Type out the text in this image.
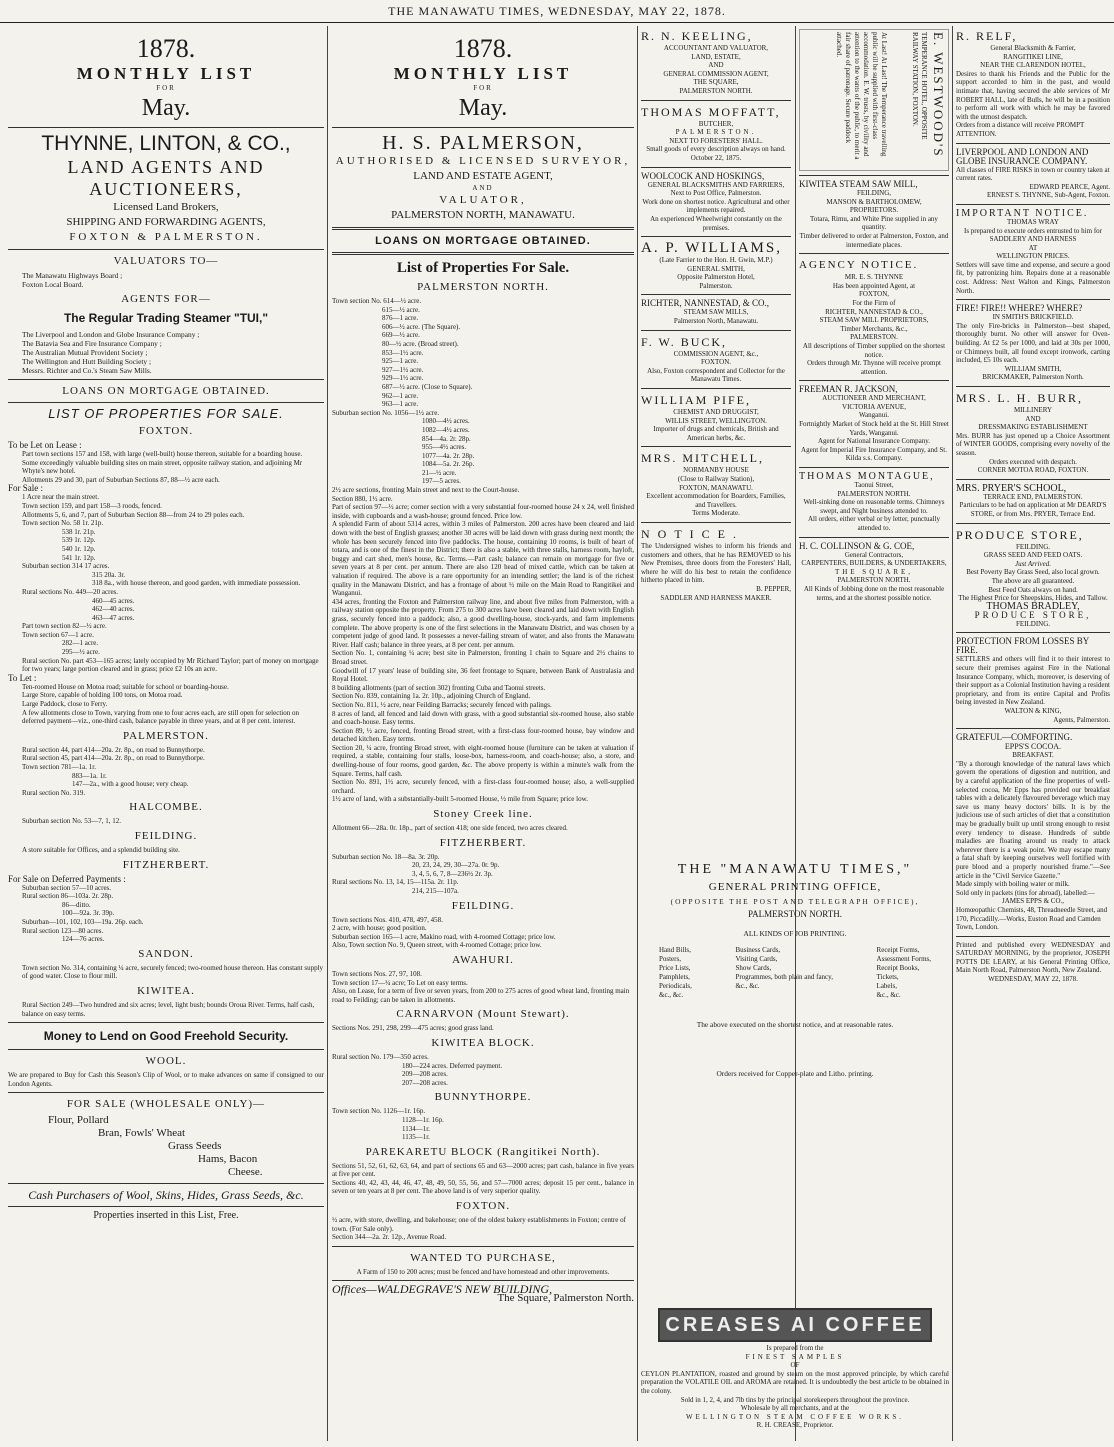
THE MANAWATU TIMES, WEDNESDAY, MAY 22, 1878.
1878.
MONTHLY LIST
FOR
May.
THYNNE, LINTON, & CO.,
LAND AGENTS AND AUCTIONEERS,
Licensed Land Brokers,
SHIPPING AND FORWARDING AGENTS,
FOXTON & PALMERSTON.
VALUATORS TO—
The Manawatu Highways Board ;
Foxton Local Board.
AGENTS FOR—
The Regular Trading Steamer "TUI,"
The Liverpool and London and Globe Insurance Company ;
The Batavia Sea and Fire Insurance Company ;
The Australian Mutual Provident Society ;
The Wellington and Hutt Building Society ;
Messrs. Richter and Co.'s Steam Saw Mills.
LOANS ON MORTGAGE OBTAINED.
LIST OF PROPERTIES FOR SALE.
FOXTON.
To be Let on Lease :
Part town sections 157 and 158, with large (well-built) house thereon, suitable for a boarding house.
Some exceedingly valuable building sites on main street, opposite railway station, and adjoining Mr Whyte's new hotel.
Allotments 29 and 30, part of Suburban Sections 87, 88—½ acre each.
For Sale :
1 Acre near the main street.
Town section 159, and part 158—3 roods, fenced.
Allotments 5, 6, and 7, part of Suburban Section 88—from 24 to 29 poles each.
Town section No. 58 1r. 21p.
538 1r. 21p.
539 1r. 12p.
540 1r. 12p.
541 1r. 12p.
Suburban section 314 17 acres.
315 20a. 3r.
318 8a., with house thereon, and good garden, with immediate possession.
Rural sections No. 449—20 acres.
460—45 acres.
462—40 acres.
463—47 acres.
Part town section 82—½ acre.
Town section 67—1 acre.
282—1 acre.
295—½ acre.
Rural section No. part 453—165 acres; lately occupied by Mr Richard Taylor; part of money on mortgage for two years; large portion cleared and in grass; price £2 10s an acre.
To Let :
Ten-roomed House on Motoa road; suitable for school or boarding-house.
Large Store, capable of holding 100 tons, on Motoa road.
Large Paddock, close to Ferry.
A few allotments close to Town, varying from one to four acres each, are still open for selection on deferred payment—viz., one-third cash, balance payable in three years, and at 8 per cent. interest.
PALMERSTON.
Rural section 44, part 414—20a. 2r. 8p., on road to Bunnythorpe.
Rural section 45, part 414—20a. 2r. 8p., on road to Bunnythorpe.
Town section 781—1a. 1r.
883—1a. 1r.
147—2a., with a good house; very cheap.
Rural section No. 319.
HALCOMBE.
Suburban section No. 53—7, 1, 12.
FEILDING.
A store suitable for Offices, and a splendid building site.
FITZHERBERT.
For Sale on Deferred Payments :
Suburban section 57—10 acres.
Rural section 86—103a. 2r. 28p.
86—ditto.
100—92a. 3r. 39p.
Suburban—101, 102, 103—19a. 26p. each.
Rural section 123—80 acres.
124—76 acres.
SANDON.
Town section No. 314, containing ¼ acre, securely fenced; two-roomed house thereon. Has constant supply of good water. Close to flour mill.
KIWITEA.
Rural Section 249—Two hundred and six acres; level, light bush; bounds Oroua River. Terms, half cash, balance on easy terms.
Money to Lend on Good Freehold Security.
WOOL.
We are prepared to Buy for Cash this Season's Clip of Wool, or to make advances on same if consigned to our London Agents.
FOR SALE (WHOLESALE ONLY)—
Flour, Pollard
Bran, Fowls' Wheat
Grass Seeds
Hams, Bacon
Cheese.
Cash Purchasers of Wool, Skins, Hides, Grass Seeds, &c.
Properties inserted in this List, Free.
1878.
MONTHLY LIST
FOR
May.
H. S. PALMERSON,
AUTHORISED & LICENSED SURVEYOR,
LAND AND ESTATE AGENT,
AND
VALUATOR,
PALMERSTON NORTH, MANAWATU.
LOANS ON MORTGAGE OBTAINED.
List of Properties For Sale.
PALMERSTON NORTH.
Town section No. 614—½ acre.
615—½ acre.
876—1 acre.
606—½ acre. (The Square).
669—½ acre.
80—½ acre. (Broad street).
853—1½ acre.
925—1 acre.
927—1½ acre.
929—1½ acre.
687—½ acre. (Close to Square).
962—1 acre.
963—1 acre.
Suburban section No. 1056—1½ acre.
1080—4½ acres.
1082—4½ acres.
854—4a. 2r. 28p.
955—4½ acres.
1077—4a. 2r. 28p.
1084—5a. 2r. 26p.
21—½ acre.
197—5 acres.
2½ acre sections, fronting Main street and next to the Court-house.
Section 880, 1½ acre.
Part of section 97—½ acre; corner section with a very substantial four-roomed house 24 x 24, well finished inside, with cupboards and a wash-house; ground fenced. Price low.
A splendid Farm of about 5314 acres, within 3 miles of Palmerston. 200 acres have been cleared and laid down with the best of English grasses; another 30 acres will be laid down with grass during next month; the whole has been securely fenced into five paddocks. The house, containing 10 rooms, is built of heart of totara, and is one of the finest in the District; there is also a stable, with three stalls, harness room, hayloft, buggy and cart shed, men's house, &c. Terms.—Part cash; balance can remain on mortgage for five or seven years at 8 per cent. per annum. There are also 120 head of mixed cattle, which can be taken at valuation if required. The above is a rare opportunity for an intending settler; the land is of the richest quality in the Manawatu District, and has a frontage of about ½ mile on the Main Road to Rangitikei and Wanganui.
434 acres, fronting the Foxton and Palmerston railway line, and about five miles from Palmerston, with a railway station opposite the property. From 275 to 300 acres have been cleared and laid down with English grass, securely fenced into a paddock; also, a good dwelling-house, stock-yards, and farm implements complete. The above property is one of the first selections in the Manawatu District, and was chosen by a competent judge of good land. It possesses a never-failing stream of water, and also fronts the Manawatu River. Half cash; balance in three years, at 8 per cent. per annum.
Section No. 1, containing ¼ acre; best site in Palmerston, fronting 1 chain to Square and 2½ chains to Broad street.
Goodwill of 17 years' lease of building site, 36 feet frontage to Square, between Bank of Australasia and Royal Hotel.
8 building allotments (part of section 302) fronting Cuba and Taonui streets.
Section No. 839, containing 1a. 2r. 10p., adjoining Church of England.
Section No. 811, ½ acre, near Feilding Barracks; securely fenced with palings.
8 acres of land, all fenced and laid down with grass, with a good substantial six-roomed house, also stable and coach-house. Easy terms.
Section 89, ½ acre, fenced, fronting Broad street, with a first-class four-roomed house, bay window and detached kitchen. Easy terms.
Section 20, ¼ acre, fronting Broad street, with eight-roomed house (furniture can be taken at valuation if required, a stable, containing four stalls, loose-box, harness-room, and coach-house; also, a store, and dwelling-house of four rooms, good garden, &c. The above property is within a minute's walk from the Square. Terms, half cash.
Section No. 891, 1½ acre, securely fenced, with a first-class four-roomed house; also, a well-supplied orchard.
1½ acre of land, with a substantially-built 5-roomed House, ½ mile from Square; price low.
Stoney Creek line.
Allotment 66—28a. 0r. 18p., part of section 418; one side fenced, two acres cleared.
FITZHERBERT.
Suburban section No. 18—8a. 3r. 20p.
20, 23, 24, 29, 30—27a. 0r. 9p.
3, 4, 5, 6, 7, 8—236½ 2r. 3p.
Rural sections No. 13, 14, 15—115a. 2r. 11p.
214, 215—107a.
FEILDING.
Town sections Nos. 410, 478, 497, 458.
2 acre, with house; good position.
Suburban section 165—1 acre, Makino road, with 4-roomed Cottage; price low.
Also, Town section No. 9, Queen street, with 4-roomed Cottage; price low.
AWAHURI.
Town sections Nos. 27, 97, 108.
Town section 17—¼ acre; To Let on easy terms.
Also, on Lease, for a term of five or seven years, from 200 to 275 acres of good wheat land, fronting main road to Feilding; can be taken in allotments.
CARNARVON (Mount Stewart).
Sections Nos. 291, 298, 299—475 acres; good grass land.
KIWITEA BLOCK.
Rural section No. 179—350 acres.
180—224 acres. Deferred payment.
209—208 acres.
207—208 acres.
BUNNYTHORPE.
Town section No. 1126—1r. 16p.
1128—1r. 16p.
1134—1r.
1135—1r.
PAREKARETU BLOCK (Rangitikei North).
Sections 51, 52, 61, 62, 63, 64, and part of sections 65 and 63—2000 acres; part cash, balance in five years at five per cent.
Sections 40, 42, 43, 44, 46, 47, 48, 49, 50, 55, 56, and 57—7000 acres; deposit 15 per cent., balance in seven or ten years at 8 per cent. The above land is of very superior quality.
FOXTON.
½ acre, with store, dwelling, and bakehouse; one of the oldest bakery establishments in Foxton; centre of town. (For Sale only).
Section 344—2a. 2r. 12p., Avenue Road.
WANTED TO PURCHASE,
A Farm of 150 to 200 acres; must be fenced and have homestead and other improvements.
Offices—WALDEGRAVE'S NEW BUILDING,
The Square, Palmerston North.
R. N. KEELING,
ACCOUNTANT AND VALUATOR,
LAND, ESTATE,
AND
GENERAL COMMISSION AGENT,
THE SQUARE,
PALMERSTON NORTH.
THOMAS MOFFATT,
BUTCHER,
PALMERSTON.
NEXT TO FORESTERS' HALL.
Small goods of every description always on hand.
October 22, 1875.
WOOLCOCK AND HOSKINGS,
GENERAL BLACKSMITHS AND FARRIERS, Next to Post Office, Palmerston.
Work done on shortest notice. Agricultural and other implements repaired.
An experienced Wheelwright constantly on the premises.
A. P. WILLIAMS,
(Late Farrier to the Hon. H. Gwin, M.P.)
GENERAL SMITH,
Opposite Palmerston Hotel,
Palmerston.
RICHTER, NANNESTAD, & CO.,
STEAM SAW MILLS,
Palmerston North, Manawatu.
F. W. BUCK,
COMMISSION AGENT, &c.,
FOXTON.
Also, Foxton correspondent and Collector for the Manawatu Times.
WILLIAM PIFE,
CHEMIST AND DRUGGIST,
WILLIS STREET, WELLINGTON.
Importer of drugs and chemicals, British and American herbs, &c.
MRS. MITCHELL,
NORMANBY HOUSE
(Close to Railway Station),
FOXTON, MANAWATU.
Excellent accommodation for Boarders, Families, and Travellers.
Terms Moderate.
NOTICE.
The Undersigned wishes to inform his friends and customers and others, that he has REMOVED to his New Premises, three doors from the Foresters' Hall, where he will do his best to retain the confidence hitherto placed in him.
B. PEPPER,
SADDLER AND HARNESS MAKER.
E. WESTWOOD'S
TEMPERANCE HOTEL, OPPOSITE RAILWAY STATION, FOXTON.
At Last! At Last! The Temperance travelling public will be supplied with first-class accommodation. E. W. trusts, by civility and attention to the wants of the public, to merit a fair share of patronage. Secure paddock attached.
KIWITEA STEAM SAW MILL,
FEILDING,
MANSON & BARTHOLOMEW,
PROPRIETORS.
Totara, Rimu, and White Pine supplied in any quantity.
Timber delivered to order at Palmerston, Foxton, and intermediate places.
AGENCY NOTICE.
MR. E. S. THYNNE
Has been appointed Agent, at
FOXTON,
For the Firm of
RICHTER, NANNESTAD & CO.,
STEAM SAW MILL PROPRIETORS,
Timber Merchants, &c.,
PALMERSTON.
All descriptions of Timber supplied on the shortest notice.
Orders through Mr. Thynne will receive prompt attention.
FREEMAN R. JACKSON,
AUCTIONEER AND MERCHANT,
VICTORIA AVENUE,
Wanganui.
Fortnightly Market of Stock held at the St. Hill Street Yards, Wanganui.
Agent for National Insurance Company.
Agent for Imperial Fire Insurance Company, and St. Kilda s.s. Company.
THOMAS MONTAGUE,
Taonui Street,
PALMERSTON NORTH.
Well-sinking done on reasonable terms. Chimneys swept, and Night business attended to.
All orders, either verbal or by letter, punctually attended to.
H. C. COLLINSON & G. COE,
General Contractors,
CARPENTERS, BUILDERS, & UNDERTAKERS,
THE SQUARE,
PALMERSTON NORTH.
All Kinds of Jobbing done on the most reasonable terms, and at the shortest possible notice.
THE "MANAWATU TIMES,"
GENERAL PRINTING OFFICE,
(OPPOSITE THE POST AND TELEGRAPH OFFICE),
PALMERSTON NORTH.
ALL KINDS OF JOB PRINTING.
Hand Bills,
Posters,
Price Lists,
Pamphlets,
Periodicals,
&c., &c.
Business Cards,
Visiting Cards,
Show Cards,
Programmes, both plain and fancy,
&c., &c.
Receipt Forms,
Assessment Forms,
Receipt Books,
Tickets,
Labels,
&c., &c.
The above executed on the shortest notice, and at reasonable rates.
Orders received for Copper-plate and Litho. printing.
CREASES AI COFFEE
Is prepared from the
FINEST SAMPLES
OF
CEYLON PLANTATION, roasted and ground by steam on the most approved principle, by which careful preparation the VOLATILE OIL and AROMA are retained. It is undoubtedly the best article to be obtained in the colony.
Sold in 1, 2, 4, and 7lb tins by the principal storekeepers throughout the province.
Wholesale by all merchants, and at the
WELLINGTON STEAM COFFEE WORKS.
R. H. CREASE, Proprietor.
R. RELF,
General Blacksmith & Farrier,
RANGITIKEI LINE,
NEAR THE CLARENDON HOTEL,
Desires to thank his Friends and the Public for the support accorded to him in the past, and would intimate that, having secured the able services of Mr ROBERT HALL, late of Bulls, he will be in a position to perform all work with which he may be favored with the utmost despatch.
Orders from a distance will receive PROMPT ATTENTION.
LIVERPOOL AND LONDON AND GLOBE INSURANCE COMPANY.
All classes of FIRE RISKS in town or country taken at current rates.
EDWARD PEARCE, Agent.
ERNEST S. THYNNE, Sub-Agent, Foxton.
IMPORTANT NOTICE.
THOMAS WRAY
Is prepared to execute orders entrusted to him for
SADDLERY AND HARNESS
AT
WELLINGTON PRICES.
Settlers will save time and expense, and secure a good fit, by patronizing him. Repairs done at a reasonable cost. Address: Next Walton and Kings, Palmerston North.
FIRE! FIRE!! WHERE? WHERE?
IN SMITH'S BRICKFIELD.
The only Fire-bricks in Palmerston—best shaped, thoroughly burnt. No other will answer for Oven-building. At £2 5s per 1000, and laid at 30s per 1000, or Chimneys built, all found except ironwork, carting included, £5 10s each.
WILLIAM SMITH,
BRICKMAKER, Palmerston North.
MRS. L. H. BURR,
MILLINERY
AND
DRESSMAKING ESTABLISHMENT
Mrs. BURR has just opened up a Choice Assortment of WINTER GOODS, comprising every novelty of the season.
Orders executed with despatch.
CORNER MOTOA ROAD, FOXTON.
MRS. PRYER'S SCHOOL,
TERRACE END, PALMERSTON.
Particulars to be had on application at Mr DEARD'S STORE, or from Mrs. PRYER, Terrace End.
PRODUCE STORE,
FEILDING.
GRASS SEED AND FEED OATS.
Just Arrived.
Best Poverty Bay Grass Seed, also local grown.
The above are all guaranteed.
Best Feed Oats always on hand.
The Highest Price for Sheepskins, Hides, and Tallow.
THOMAS BRADLEY,
PRODUCE STORE,
FEILDING.
PROTECTION FROM LOSSES BY FIRE.
SETTLERS and others will find it to their interest to secure their premises against Fire in the National Insurance Company, which, moreover, is deserving of their support as a Colonial Institution having a resident proprietary, and from its entire Capital and Profits being invested in New Zealand.
WALTON & KING,
Agents, Palmerston.
GRATEFUL—COMFORTING.
EPPS'S COCOA.
BREAKFAST.
"By a thorough knowledge of the natural laws which govern the operations of digestion and nutrition, and by a careful application of the fine properties of well-selected cocoa, Mr Epps has provided our breakfast tables with a delicately flavoured beverage which may save us many heavy doctors' bills. It is by the judicious use of such articles of diet that a constitution may be gradually built up until strong enough to resist every tendency to disease. Hundreds of subtle maladies are floating around us ready to attack wherever there is a weak point. We may escape many a fatal shaft by keeping ourselves well fortified with pure blood and a properly nourished frame."—See article in the "Civil Service Gazette."
Made simply with boiling water or milk.
Sold only in packets (tins for abroad), labelled:—
JAMES EPPS & CO.,
Homœopathic Chemists, 48, Threadneedle Street, and 170, Piccadilly.—Works, Euston Road and Camden Town, London.
Printed and published every WEDNESDAY and SATURDAY MORNING, by the proprietor, JOSEPH POTTS DE LEARY, at his General Printing Office, Main North Road, Palmerston North, New Zealand.
WEDNESDAY, MAY 22, 1878.
